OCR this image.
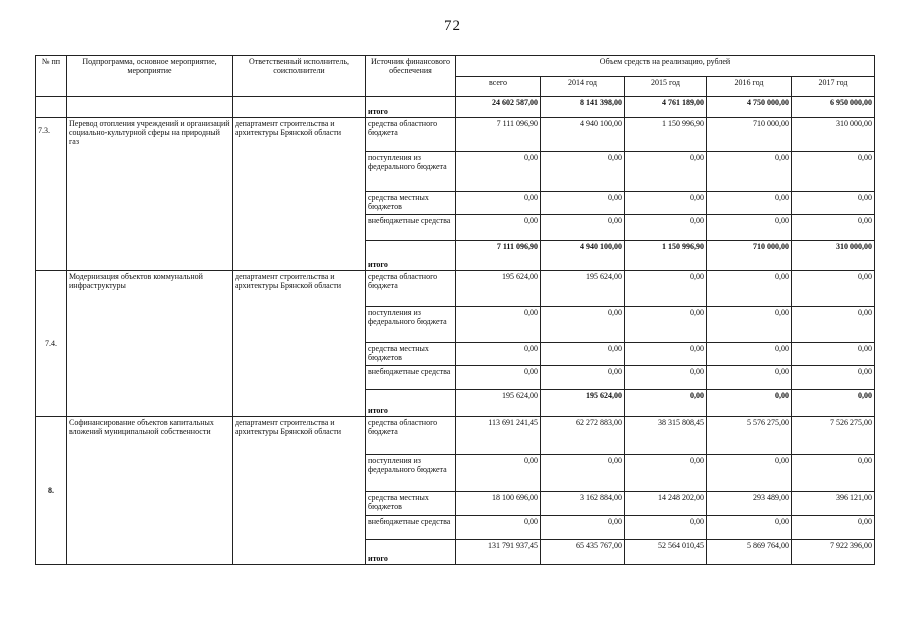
72
№ пп	Подпрограмма, основное мероприятие, мероприятие	Ответственный исполнитель, соисполнители	Источник финансового обеспечения	Объем средств на реализацию, рублей				
				всего	2014 год	2015 год	2016 год	2017 год
			итого	24 602 587,00	8 141 398,00	4 761 189,00	4 750 000,00	6 950 000,00
7.3.	Перевод отопления учреждений и организаций социально-культурной сферы на природный газ	департамент строительства и архитектуры Брянской области	средства областного бюджета	7 111 096,90	4 940 100,00	1 150 996,90	710 000,00	310 000,00
			поступления из федерального бюджета	0,00	0,00	0,00	0,00	0,00
			средства местных бюджетов	0,00	0,00	0,00	0,00	0,00
			внебюджетные средства	0,00	0,00	0,00	0,00	0,00
			итого	7 111 096,90	4 940 100,00	1 150 996,90	710 000,00	310 000,00
7.4.	Модернизация объектов коммунальной инфраструктуры	департамент строительства и архитектуры Брянской области	средства областного бюджета	195 624,00	195 624,00	0,00	0,00	0,00
			поступления из федерального бюджета	0,00	0,00	0,00	0,00	0,00
			средства местных бюджетов	0,00	0,00	0,00	0,00	0,00
			внебюджетные средства	0,00	0,00	0,00	0,00	0,00
			итого	195 624,00	195 624,00	0,00	0,00	0,00
8.	Софинансирование объектов капитальных вложений муниципальной собственности	департамент строительства и архитектуры Брянской области	средства областного бюджета	113 691 241,45	62 272 883,00	38 315 808,45	5 576 275,00	7 526 275,00
			поступления из федерального бюджета	0,00	0,00	0,00	0,00	0,00
			средства местных бюджетов	18 100 696,00	3 162 884,00	14 248 202,00	293 489,00	396 121,00
			внебюджетные средства	0,00	0,00	0,00	0,00	0,00
			итого	131 791 937,45	65 435 767,00	52 564 010,45	5 869 764,00	7 922 396,00
